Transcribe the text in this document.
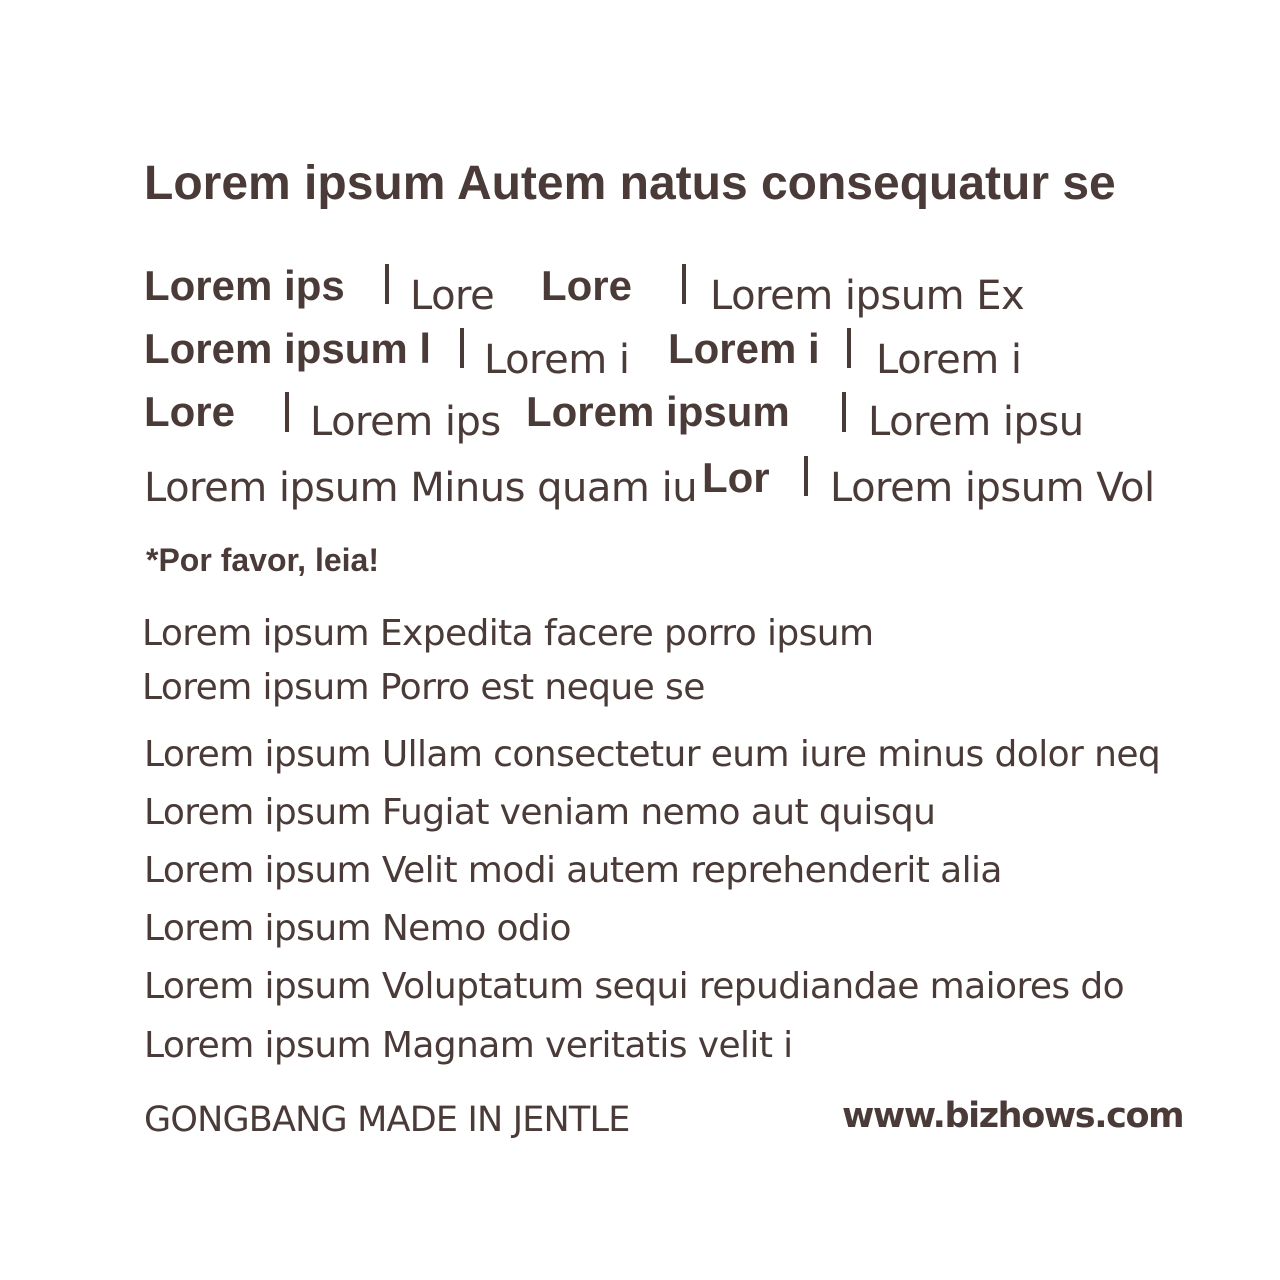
Lorem ipsum Autem natus consequatur se
Lorem ips Lore Lore Lorem ipsum Ex
Lorem ipsum l Lorem i Lorem i Lorem i
Lore Lorem ips Lorem ipsum Lorem ipsu
Lorem ipsum Minus quam iu Lor Lorem ipsum Vol
*Por favor, leia!
Lorem ipsum Expedita facere porro ipsum
Lorem ipsum Porro est neque se
Lorem ipsum Ullam consectetur eum iure minus dolor neq
Lorem ipsum Fugiat veniam nemo aut quisqu
Lorem ipsum Velit modi autem reprehenderit alia
Lorem ipsum Nemo odio
Lorem ipsum Voluptatum sequi repudiandae maiores do
Lorem ipsum Magnam veritatis velit i
GONGBANG MADE IN JENTLE	www.bizhows.com
